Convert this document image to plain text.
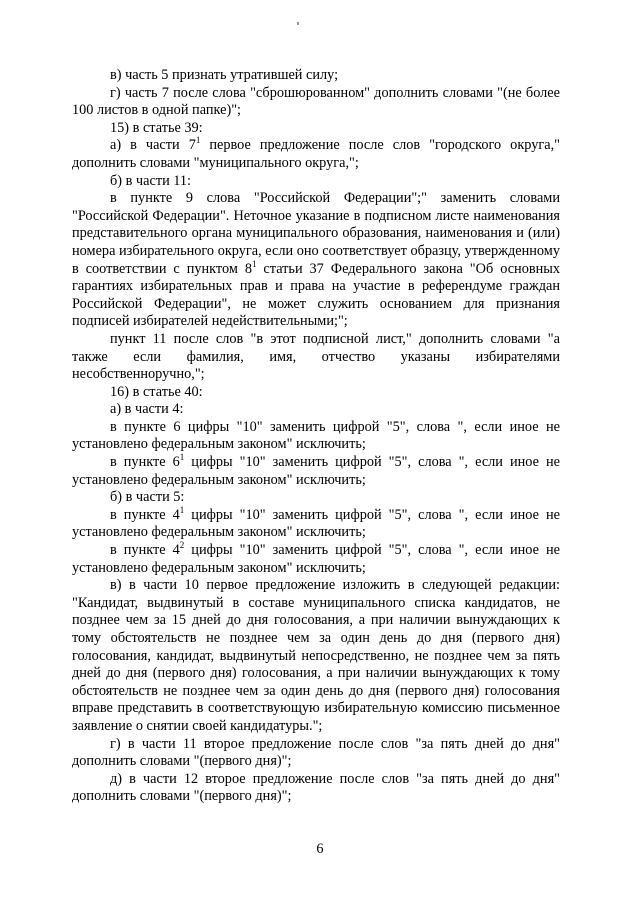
в) часть 5 признать утратившей силу;

г) часть 7 после слова "сброшюрованном" дополнить словами "(не более 100 листов в одной папке)";

15) в статье 39:

а) в части $7^1$ первое предложение после слов "городского округа," дополнить словами "муниципального округа,";

б) в части 11:

в пункте 9 слова "Российской Федерации";" заменить словами "Российской Федерации". Неточное указание в подписном листе наименования представительного органа муниципального образования, наименования и (или) номера избирательного округа, если оно соответствует образцу, утвержденному в соответствии с пунктом $8^1$ статьи 37 Федерального закона "Об основных гарантиях избирательных прав и права на участие в референдуме граждан Российской Федерации", не может служить основанием для признания подписей избирателей недействительными;";

пункт 11 после слов "в этот подписной лист," дополнить словами "а также если фамилия, имя, отчество указаны избирателями несобственноручно,";

16) в статье 40:

а) в части 4:

в пункте 6 цифры "10" заменить цифрой "5", слова ", если иное не установлено федеральным законом" исключить;

в пункте $6^1$ цифры "10" заменить цифрой "5", слова ", если иное не установлено федеральным законом" исключить;

б) в части 5:

в пункте $4^1$ цифры "10" заменить цифрой "5", слова ", если иное не установлено федеральным законом" исключить;

в пункте $4^2$ цифры "10" заменить цифрой "5", слова ", если иное не установлено федеральным законом" исключить;

в) в части 10 первое предложение изложить в следующей редакции: "Кандидат, выдвинутый в составе муниципального списка кандидатов, не позднее чем за 15 дней до дня голосования, а при наличии вынуждающих к тому обстоятельств не позднее чем за один день до дня (первого дня) голосования, кандидат, выдвинутый непосредственно, не позднее чем за пять дней до дня (первого дня) голосования, а при наличии вынуждающих к тому обстоятельств не позднее чем за один день до дня (первого дня) голосования вправе представить в соответствующую избирательную комиссию письменное заявление о снятии своей кандидатуры.";

г) в части 11 второе предложение после слов "за пять дней до дня" дополнить словами "(первого дня)";

д) в части 12 второе предложение после слов "за пять дней до дня" дополнить словами "(первого дня)";

6
